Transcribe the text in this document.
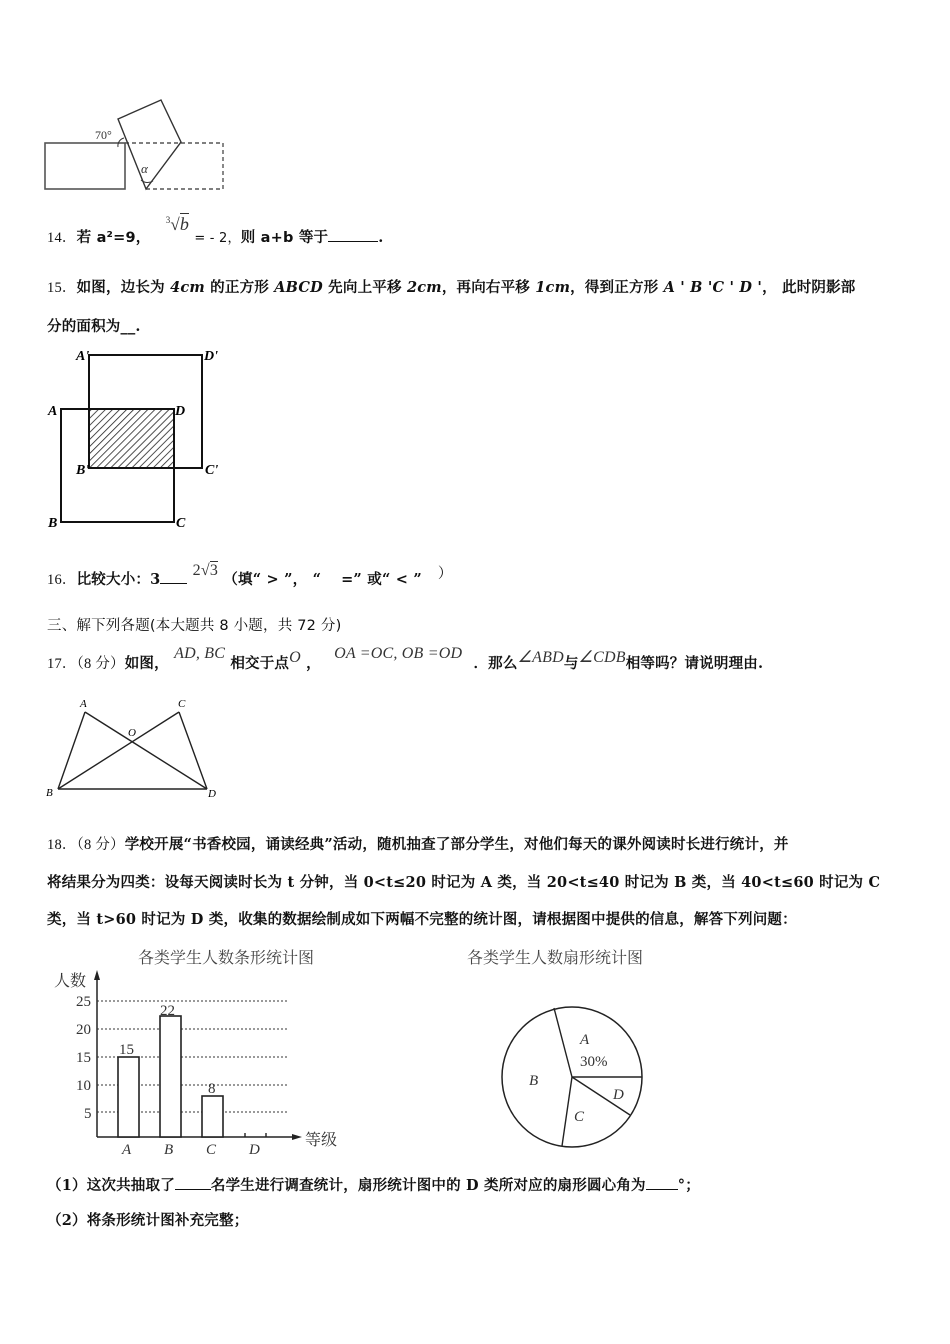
70°
α
14．若 a²=9， $^3$√b = - 2，则 a+b 等于	.
15．如图，边长为 4cm 的正方形 ABCD 先向上平移 2cm，再向右平移 1cm，得到正方形 A ' B 'C ' D '， 此时阴影部
分的面积为__.
A'	D'
A	D
B'	C'
B	C
16．比较大小：3 2√3 （填“ > ”， “　 =” 或“ < ” ）
三、解下列各题(本大题共 8 小题，共 72 分)
17．（8 分）如图， AD, BC 相交于点O ， OA =OC, OB =OD ．那么∠ABD与∠CDB相等吗？请说明理由.
A	C
O
B	D
18．（8 分）学校开展“书香校园，诵读经典”活动，随机抽查了部分学生，对他们每天的课外阅读时长进行统计，并
将结果分为四类：设每天阅读时长为 t 分钟，当 0<t≤20 时记为 A 类，当 20<t≤40 时记为 B 类，当 40<t≤60 时记为 C
类，当 t>60 时记为 D 类，收集的数据绘制成如下两幅不完整的统计图，请根据图中提供的信息，解答下列问题：
各类学生人数条形统计图
人数
等级
25
20
15
10
5
15
22
8
A B C D
各类学生人数扇形统计图
A
30%
B
C
D
（1）这次共抽取了 名学生进行调查统计，扇形统计图中的 D 类所对应的扇形圆心角为 °；
（2）将条形统计图补充完整；
